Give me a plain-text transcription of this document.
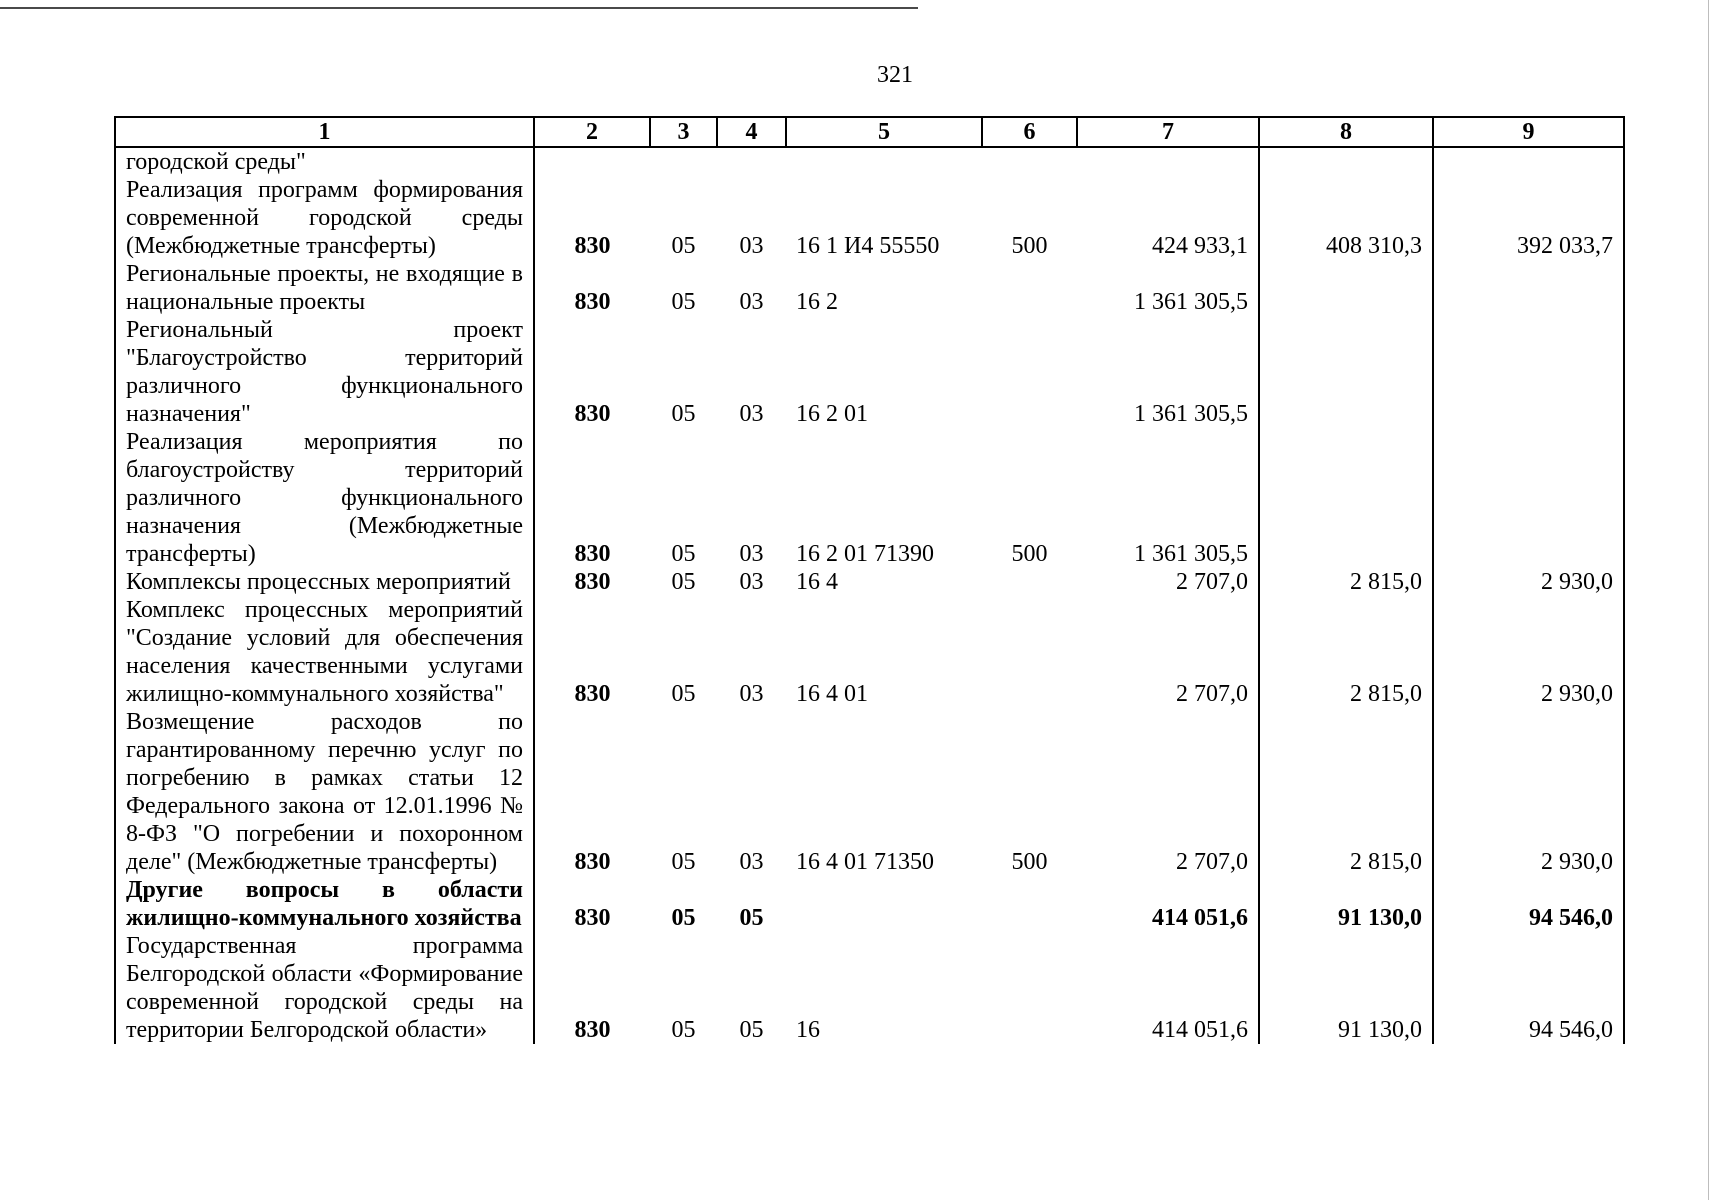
321
1	2	3	4	5	6	7	8	9
городской среды"								
Реализация программ формирования современной городской среды (Межбюджетные трансферты)	830	05	03	16 1 И4 55550	500	424 933,1	408 310,3	392 033,7
Региональные проекты, не входящие в национальные проекты	830	05	03	16 2		1 361 305,5		
Региональный проект "Благоустройство территорий различного функционального назначения"	830	05	03	16 2 01		1 361 305,5		
Реализация мероприятия по благоустройству территорий различного функционального назначения (Межбюджетные трансферты)	830	05	03	16 2 01 71390	500	1 361 305,5		
Комплексы процессных мероприятий	830	05	03	16 4		2 707,0	2 815,0	2 930,0
Комплекс процессных мероприятий "Создание условий для обеспечения населения качественными услугами жилищно-коммунального хозяйства"	830	05	03	16 4 01		2 707,0	2 815,0	2 930,0
Возмещение расходов по гарантированному перечню услуг по погребению в рамках статьи 12 Федерального закона от 12.01.1996 № 8-ФЗ "О погребении и похоронном деле" (Межбюджетные трансферты)	830	05	03	16 4 01 71350	500	2 707,0	2 815,0	2 930,0
Другие вопросы в области жилищно-коммунального хозяйства	830	05	05			414 051,6	91 130,0	94 546,0
Государственная программа Белгородской области «Формирование современной городской среды на территории Белгородской области»	830	05	05	16		414 051,6	91 130,0	94 546,0
